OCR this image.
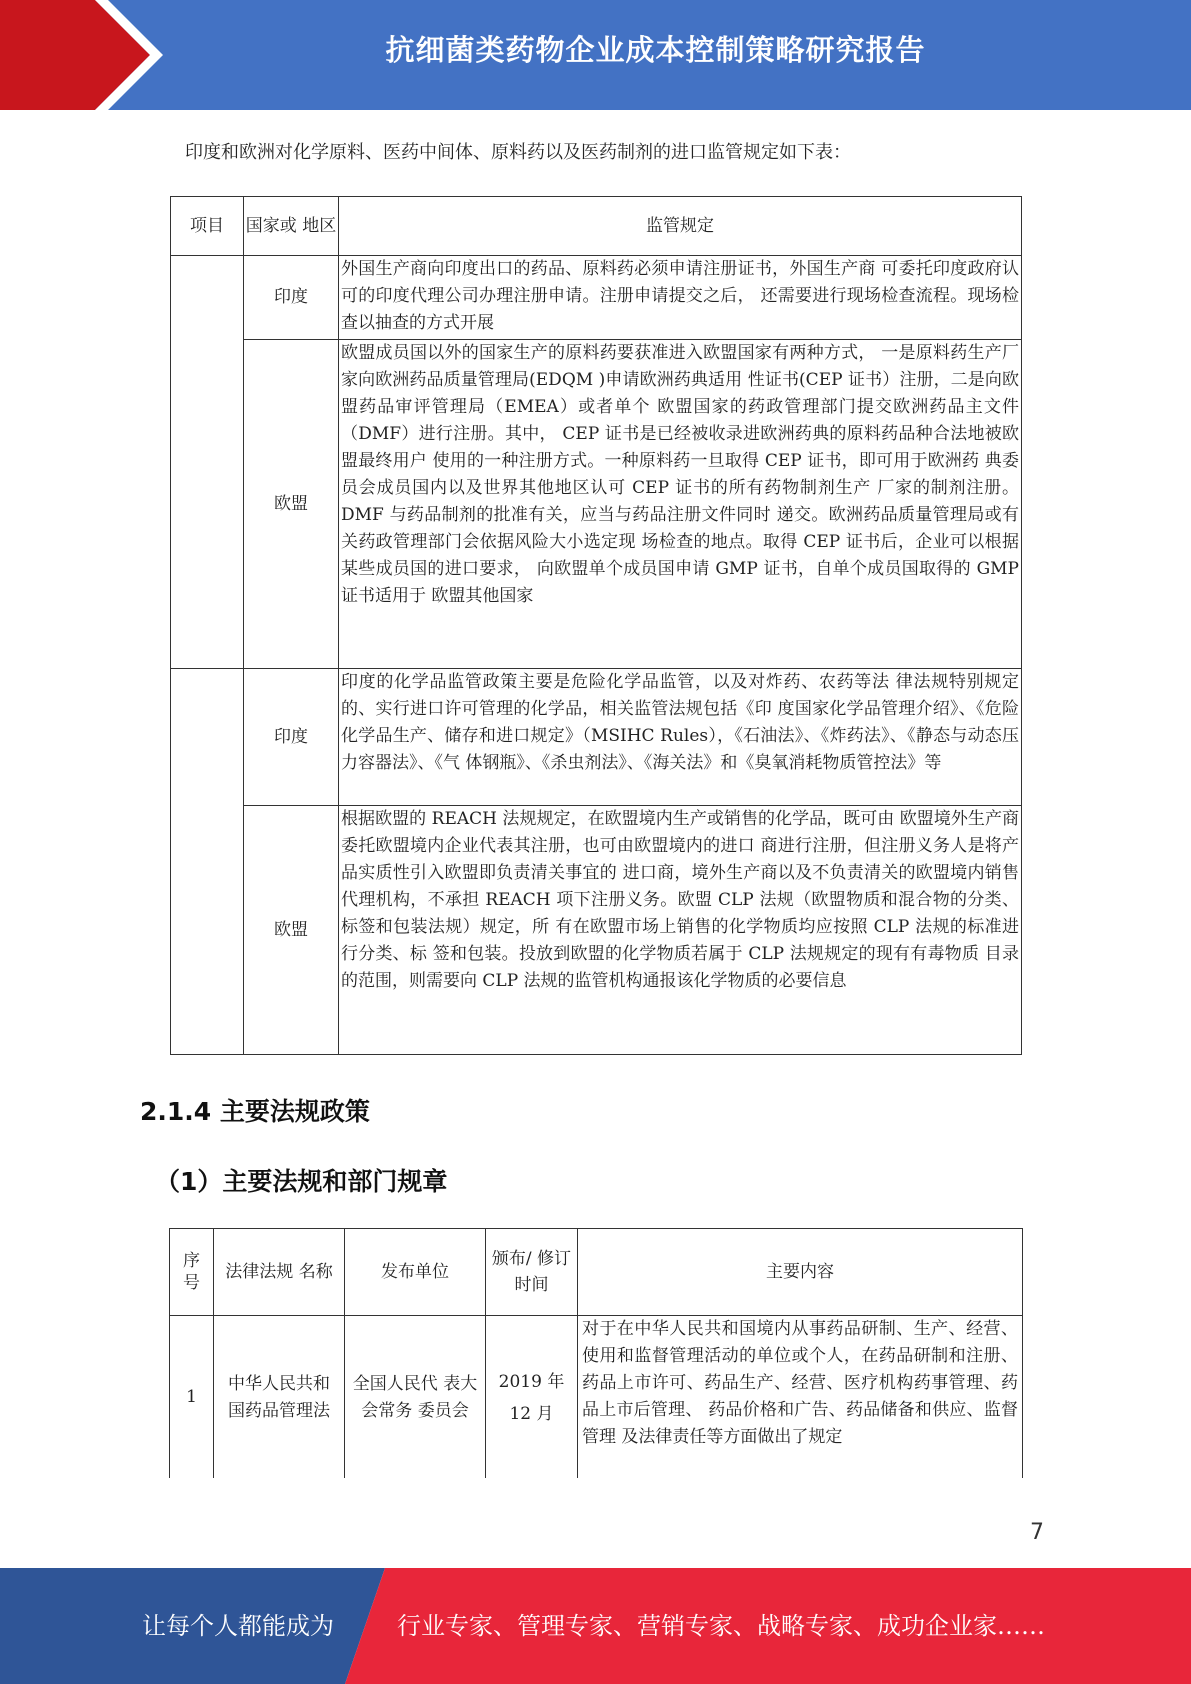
抗细菌类药物企业成本控制策略研究报告
印度和欧洲对化学原料、医药中间体、原料药以及医药制剂的进口监管规定如下表：
项目	国家或 地区	监管规定
	印度	外国生产商向印度出口的药品、原料药必须申请注册证书，外国生产商 可委托印度政府认可的印度代理公司办理注册申请。注册申请提交之后， 还需要进行现场检查流程。现场检查以抽查的方式开展
	欧盟	欧盟成员国以外的国家生产的原料药要获准进入欧盟国家有两种方式， 一是原料药生产厂家向欧洲药品质量管理局(EDQM )申请欧洲药典适用 性证书(CEP 证书）注册，二是向欧盟药品审评管理局（EMEA）或者单个 欧盟国家的药政管理部门提交欧洲药品主文件（DMF）进行注册。其中， CEP 证书是已经被收录进欧洲药典的原料药品种合法地被欧盟最终用户 使用的一种注册方式。一种原料药一旦取得 CEP 证书，即可用于欧洲药 典委员会成员国内以及世界其他地区认可 CEP 证书的所有药物制剂生产 厂家的制剂注册。DMF 与药品制剂的批准有关，应当与药品注册文件同时 递交。欧洲药品质量管理局或有关药政管理部门会依据风险大小选定现 场检查的地点。取得 CEP 证书后，企业可以根据某些成员国的进口要求， 向欧盟单个成员国申请 GMP 证书，自单个成员国取得的 GMP 证书适用于 欧盟其他国家
	印度	印度的化学品监管政策主要是危险化学品监管，以及对炸药、农药等法 律法规特别规定的、实行进口许可管理的化学品，相关监管法规包括《印 度国家化学品管理介绍》、《危险化学品生产、储存和进口规定》（MSIHC Rules），《石油法》、《炸药法》、《静态与动态压力容器法》、《气 体钢瓶》、《杀虫剂法》、《海关法》和《臭氧消耗物质管控法》等
	欧盟	根据欧盟的 REACH 法规规定，在欧盟境内生产或销售的化学品，既可由 欧盟境外生产商委托欧盟境内企业代表其注册，也可由欧盟境内的进口 商进行注册，但注册义务人是将产品实质性引入欧盟即负责清关事宜的 进口商，境外生产商以及不负责清关的欧盟境内销售代理机构，不承担 REACH 项下注册义务。欧盟 CLP 法规（欧盟物质和混合物的分类、标签和包装法规）规定，所 有在欧盟市场上销售的化学物质均应按照 CLP 法规的标准进行分类、标 签和包装。投放到欧盟的化学物质若属于 CLP 法规规定的现有有毒物质 目录的范围，则需要向 CLP 法规的监管机构通报该化学物质的必要信息
2.1.4 主要法规政策
（1）主要法规和部门规章
序号	法律法规 名称	发布单位	颁布/ 修订 时间	主要内容
1	中华人民共和国药品管理法	全国人民代 表大会常务 委员会	2019 年 12 月	对于在中华人民共和国境内从事药品研制、生产、经营、使用和监督管理活动的单位或个人，在药品研制和注册、药品上市许可、药品生产、经营、医疗机构药事管理、药品上市后管理、 药品价格和广告、药品储备和供应、监督管理 及法律责任等方面做出了规定
7
让每个人都能成为	行业专家、管理专家、营销专家、战略专家、成功企业家……
